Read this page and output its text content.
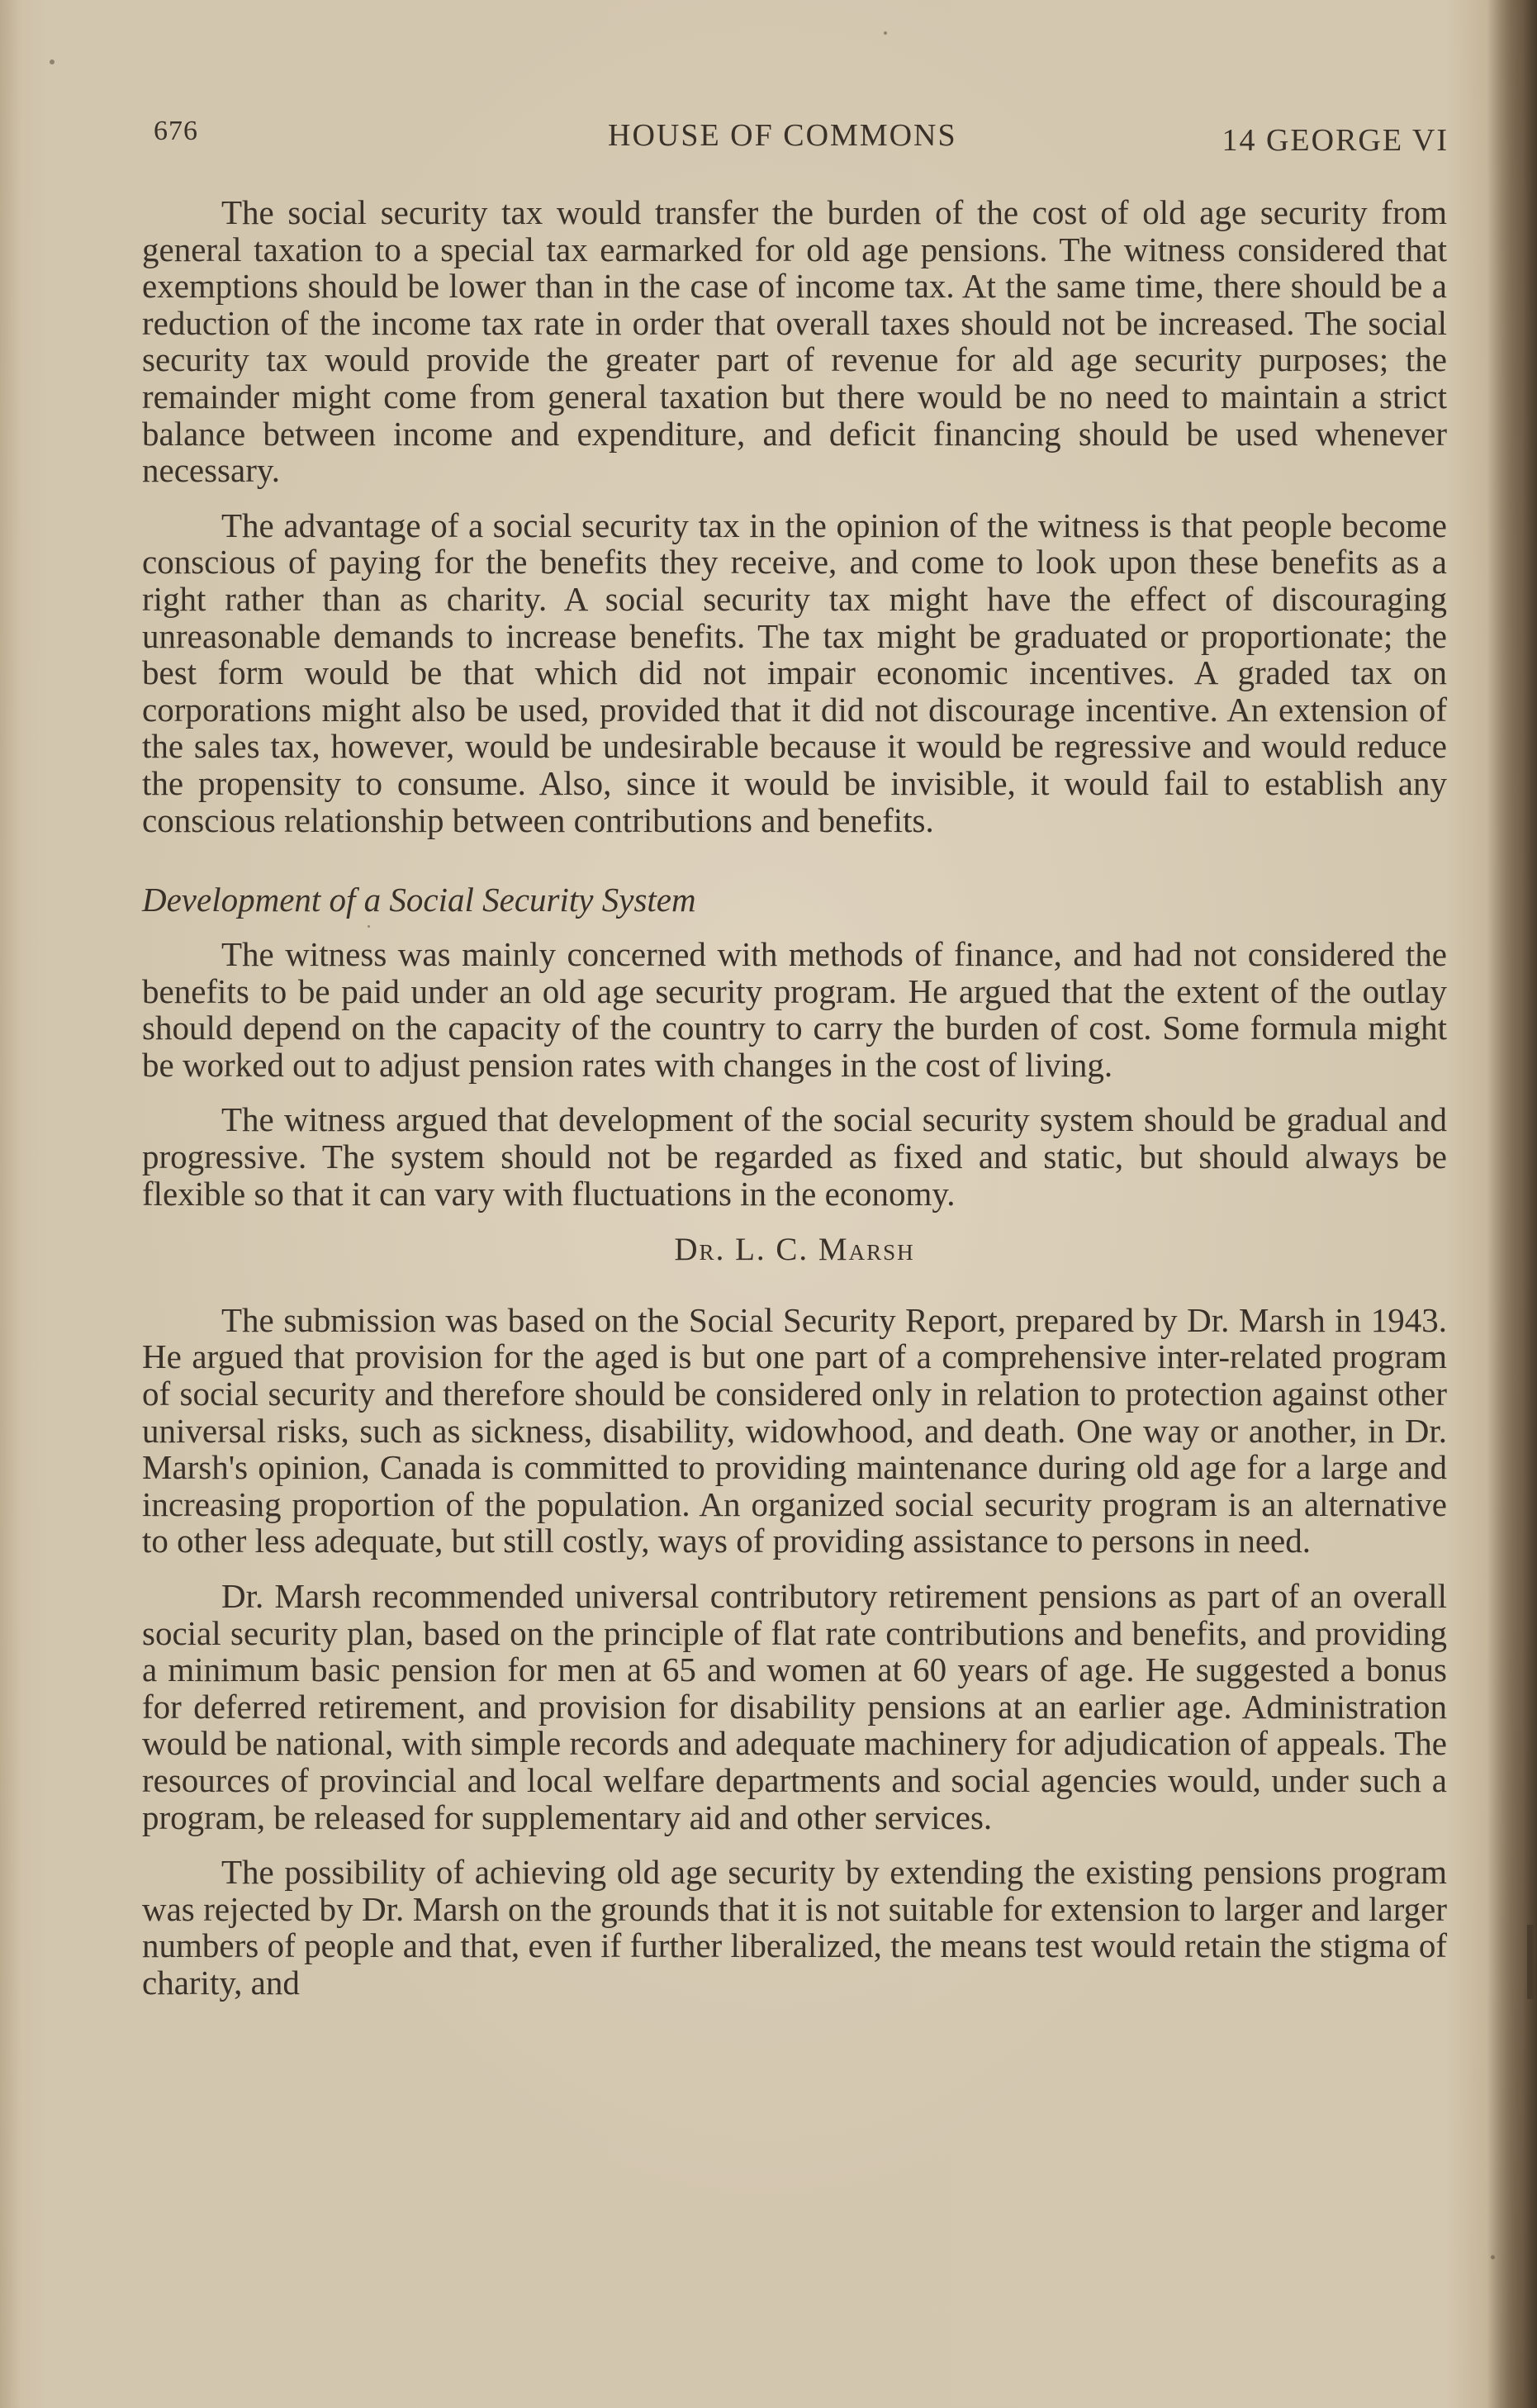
676	HOUSE OF COMMONS	14 GEORGE VI

The social security tax would transfer the burden of the cost of old age security from general taxation to a special tax earmarked for old age pensions. The witness considered that exemptions should be lower than in the case of income tax. At the same time, there should be a reduction of the income tax rate in order that overall taxes should not be increased. The social security tax would provide the greater part of revenue for ald age security purposes; the remainder might come from general taxation but there would be no need to maintain a strict balance between income and expenditure, and deficit financing should be used whenever necessary.

The advantage of a social security tax in the opinion of the witness is that people become conscious of paying for the benefits they receive, and come to look upon these benefits as a right rather than as charity. A social security tax might have the effect of discouraging unreasonable demands to increase benefits. The tax might be graduated or proportionate; the best form would be that which did not impair economic incentives. A graded tax on corporations might also be used, provided that it did not discourage incentive. An extension of the sales tax, however, would be undesirable because it would be regressive and would reduce the propensity to consume. Also, since it would be invisible, it would fail to establish any conscious relationship between contributions and benefits.

Development of a Social Security System

The witness was mainly concerned with methods of finance, and had not considered the benefits to be paid under an old age security program. He argued that the extent of the outlay should depend on the capacity of the country to carry the burden of cost. Some formula might be worked out to adjust pension rates with changes in the cost of living.

The witness argued that development of the social security system should be gradual and progressive. The system should not be regarded as fixed and static, but should always be flexible so that it can vary with fluctuations in the economy.

Dr. L. C. Marsh

The submission was based on the Social Security Report, prepared by Dr. Marsh in 1943. He argued that provision for the aged is but one part of a comprehensive inter-related program of social security and therefore should be considered only in relation to protection against other universal risks, such as sickness, disability, widowhood, and death. One way or another, in Dr. Marsh's opinion, Canada is committed to providing maintenance during old age for a large and increasing proportion of the population. An organized social security program is an alternative to other less adequate, but still costly, ways of providing assistance to persons in need.

Dr. Marsh recommended universal contributory retirement pensions as part of an overall social security plan, based on the principle of flat rate contributions and benefits, and providing a minimum basic pension for men at 65 and women at 60 years of age. He suggested a bonus for deferred retirement, and provision for disability pensions at an earlier age. Administration would be national, with simple records and adequate machinery for adjudication of appeals. The resources of provincial and local welfare departments and social agencies would, under such a program, be released for supplementary aid and other services.

The possibility of achieving old age security by extending the existing pensions program was rejected by Dr. Marsh on the grounds that it is not suitable for extension to larger and larger numbers of people and that, even if further liberalized, the means test would retain the stigma of charity, and
